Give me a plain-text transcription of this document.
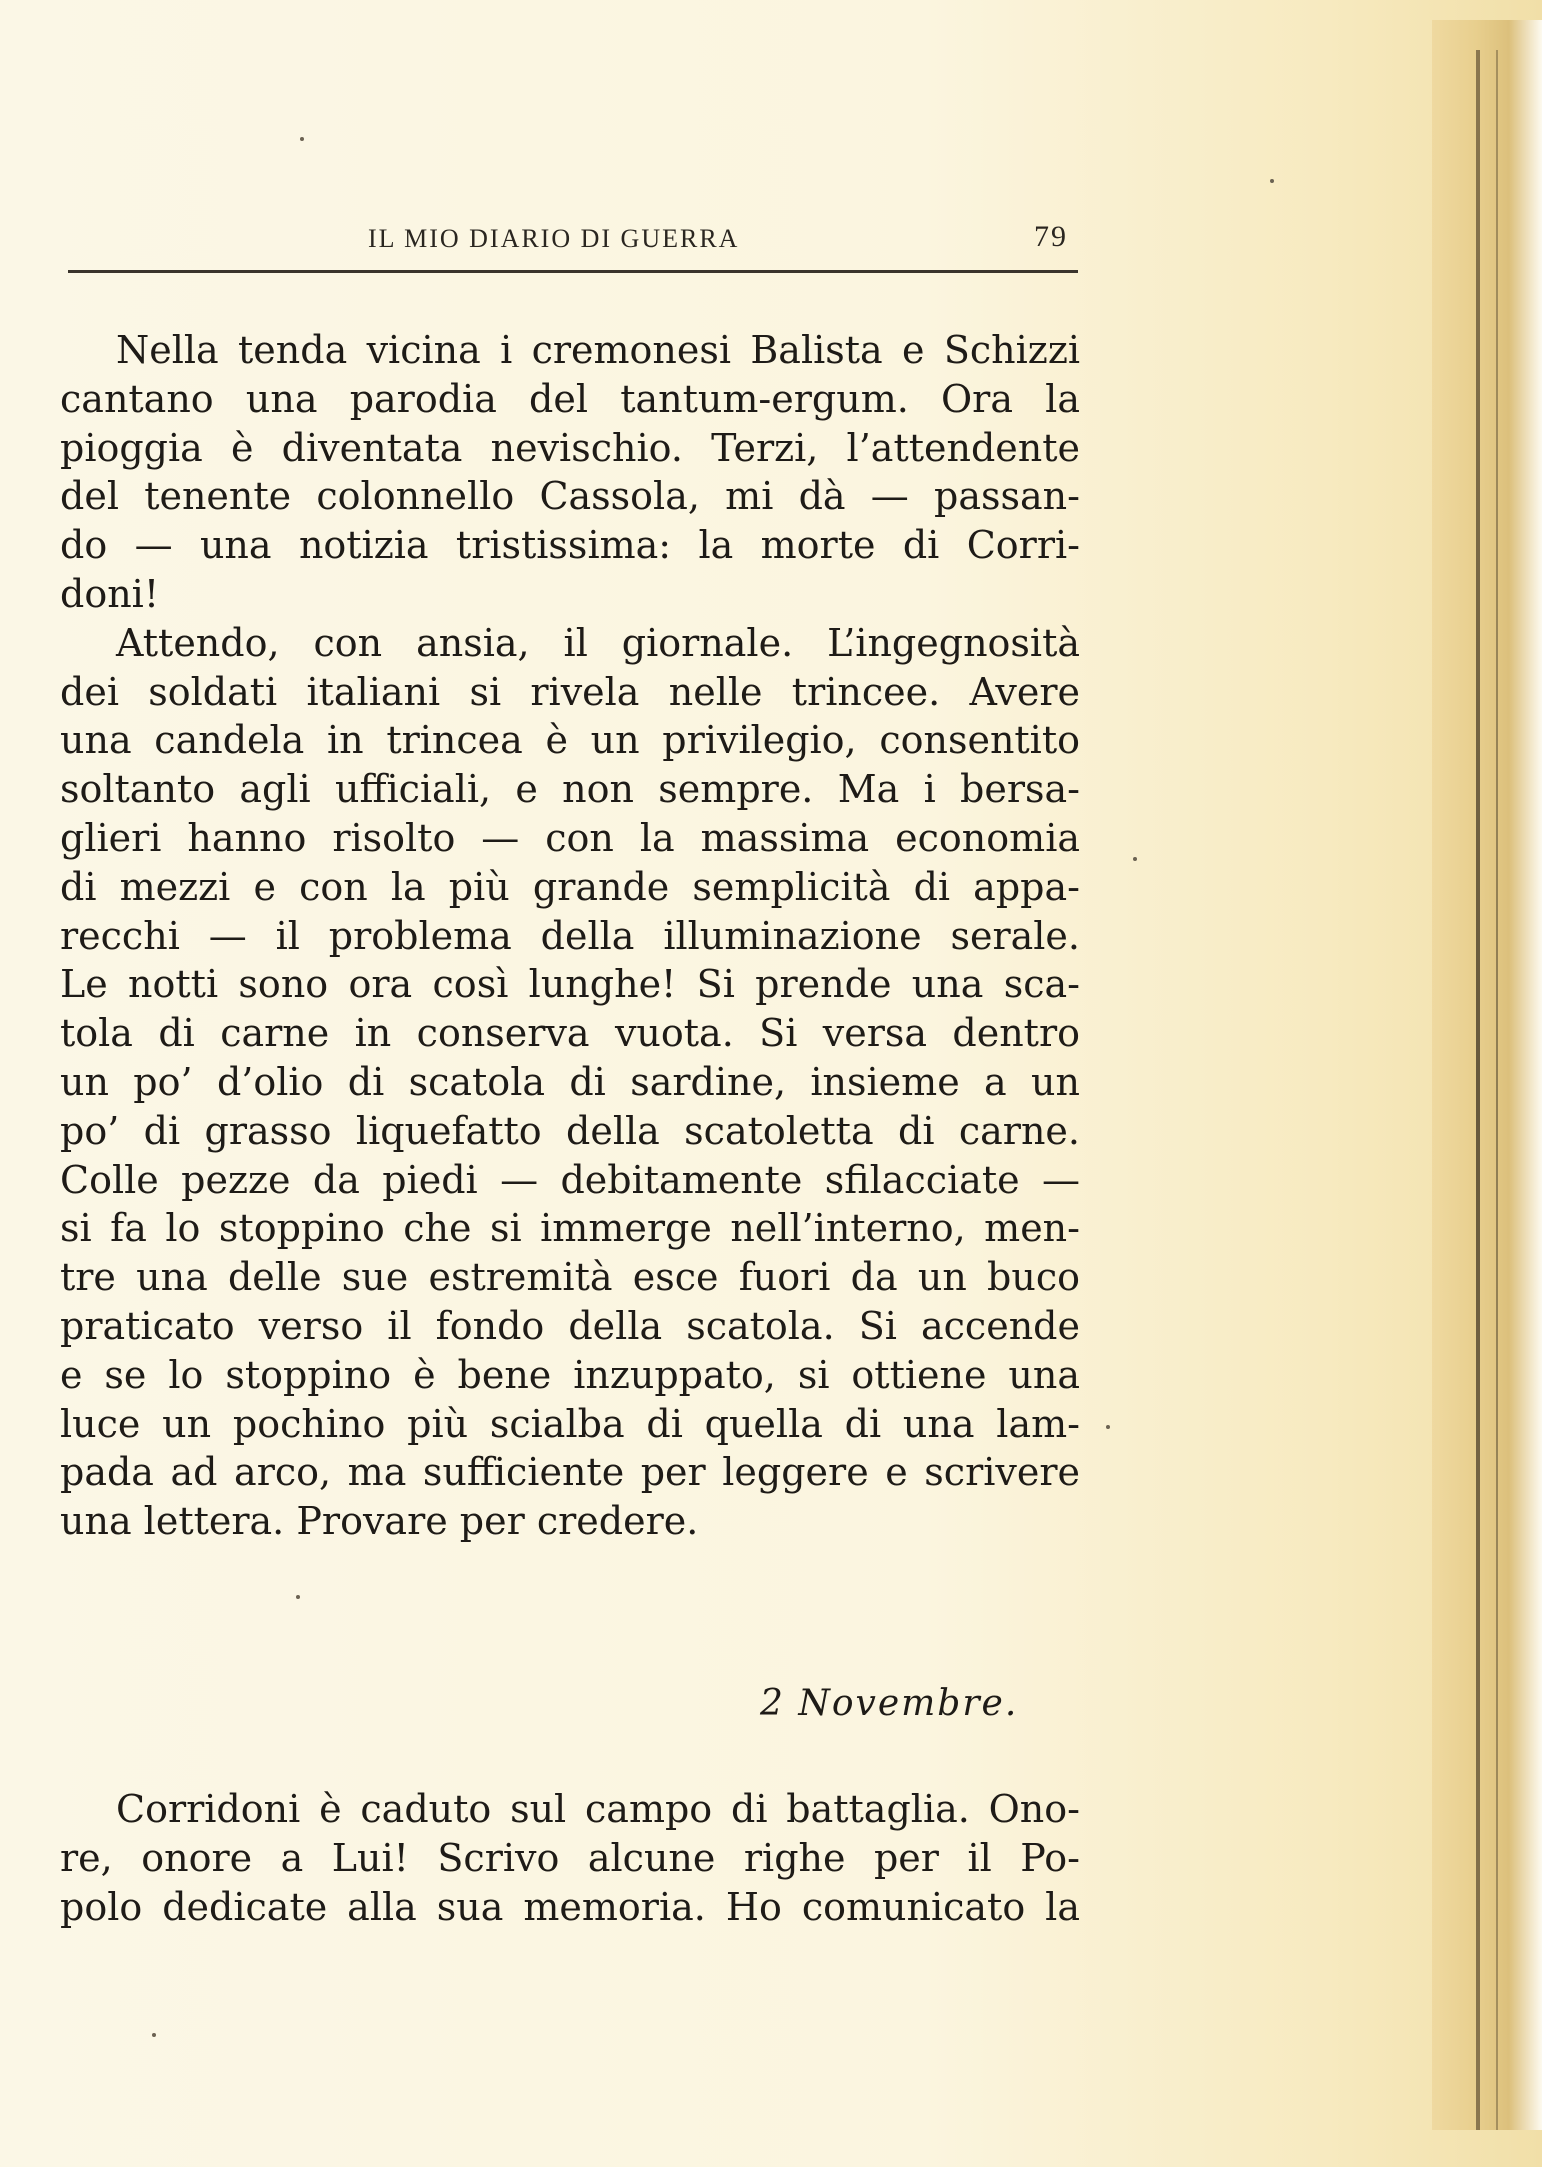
IL MIO DIARIO DI GUERRA	79
Nella tenda vicina i cremonesi Balista e Schizzi
cantano una parodia del tantum-ergum. Ora la
pioggia è diventata nevischio. Terzi, l’attendente
del tenente colonnello Cassola, mi dà — passan-
do — una notizia tristissima: la morte di Corri-
doni!
Attendo, con ansia, il giornale. L’ingegnosità
dei soldati italiani si rivela nelle trincee. Avere
una candela in trincea è un privilegio, consentito
soltanto agli ufficiali, e non sempre. Ma i bersa-
glieri hanno risolto — con la massima economia
di mezzi e con la più grande semplicità di appa-
recchi — il problema della illuminazione serale.
Le notti sono ora così lunghe! Si prende una sca-
tola di carne in conserva vuota. Si versa dentro
un po’ d’olio di scatola di sardine, insieme a un
po’ di grasso liquefatto della scatoletta di carne.
Colle pezze da piedi — debitamente sfilacciate —
si fa lo stoppino che si immerge nell’interno, men-
tre una delle sue estremità esce fuori da un buco
praticato verso il fondo della scatola. Si accende
e se lo stoppino è bene inzuppato, si ottiene una
luce un pochino più scialba di quella di una lam-
pada ad arco, ma sufficiente per leggere e scrivere
una lettera. Provare per credere.
2 Novembre.
Corridoni è caduto sul campo di battaglia. Ono-
re, onore a Lui! Scrivo alcune righe per il Po-
polo dedicate alla sua memoria. Ho comunicato la
